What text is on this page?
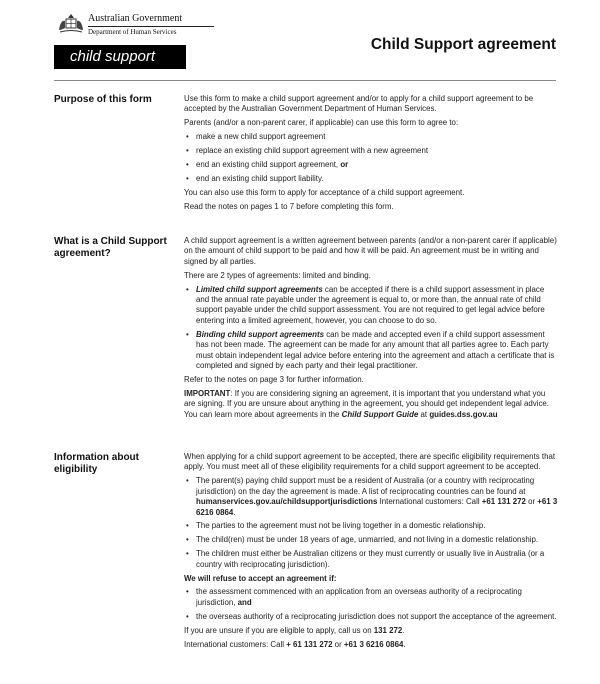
Australian Government
Department of Human Services
child support
Child Support agreement
Purpose of this form	Use this form to make a child support agreement and/or to apply for a child support agreement to be accepted by the Australian Government Department of Human Services.

Parents (and/or a non-parent carer, if applicable) can use this form to agree to:

• make a new child support agreement
• replace an existing child support agreement with a new agreement
• end an existing child support agreement, or
• end an existing child support liability.

You can also use this form to apply for acceptance of a child support agreement.

Read the notes on pages 1 to 7 before completing this form.

What is a Child Support agreement?

A child support agreement is a written agreement between parents (and/or a non-parent carer if applicable) on the amount of child support to be paid and how it will be paid. An agreement must be in writing and signed by all parties.

There are 2 types of agreements: limited and binding.

• Limited child support agreements can be accepted if there is a child support assessment in place and the annual rate payable under the agreement is equal to, or more than, the annual rate of child support payable under the child support assessment. You are not required to get legal advice before entering into a limited agreement, however, you can choose to do so.
• Binding child support agreements can be made and accepted even if a child support assessment has not been made. The agreement can be made for any amount that all parties agree to. Each party must obtain independent legal advice before entering into the agreement and attach a certificate that is completed and signed by each party and their legal practitioner.

Refer to the notes on page 3 for further information.

IMPORTANT: If you are considering signing an agreement, it is important that you understand what you are signing. If you are unsure about anything in the agreement, you should get independent legal advice. You can learn more about agreements in the Child Support Guide at guides.dss.gov.au

Information about eligibility

When applying for a child support agreement to be accepted, there are specific eligibility requirements that apply. You must meet all of these eligibility requirements for a child support agreement to be accepted.

• The parent(s) paying child support must be a resident of Australia (or a country with reciprocating jurisdiction) on the day the agreement is made. A list of reciprocating countries can be found at humanservices.gov.au/childsupportjurisdictions International customers: Call +61 131 272 or +61 3 6216 0864.
• The parties to the agreement must not be living together in a domestic relationship.
• The child(ren) must be under 18 years of age, unmarried, and not living in a domestic relationship.
• The children must either be Australian citizens or they must currently or usually live in Australia (or a country with reciprocating jurisdiction).

We will refuse to accept an agreement if:

• the assessment commenced with an application from an overseas authority of a reciprocating jurisdiction, and
• the overseas authority of a reciprocating jurisdiction does not support the acceptance of the agreement.

If you are unsure if you are eligible to apply, call us on 131 272.

International customers: Call + 61 131 272 or +61 3 6216 0864.
